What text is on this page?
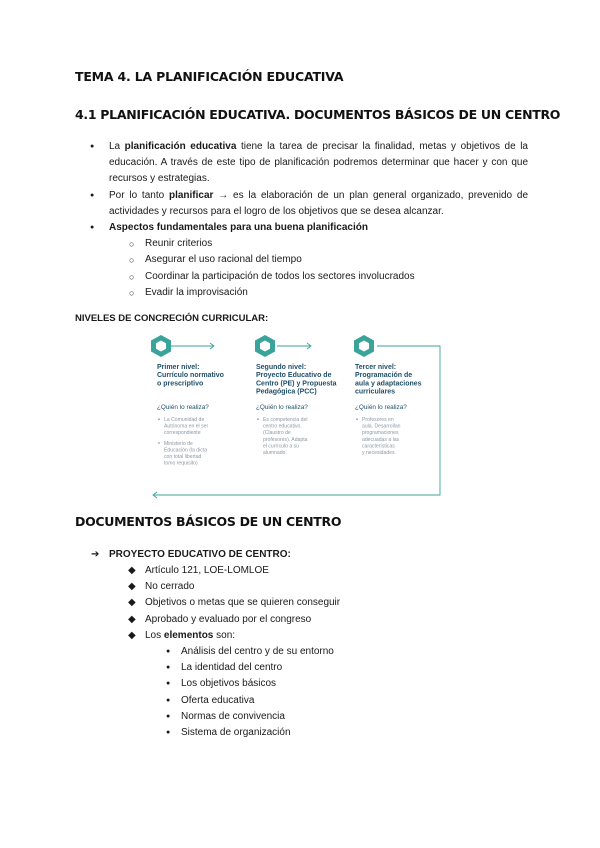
TEMA 4. LA PLANIFICACIÓN EDUCATIVA
4.1 PLANIFICACIÓN EDUCATIVA. DOCUMENTOS BÁSICOS DE UN CENTRO
● La planificación educativa tiene la tarea de precisar la finalidad, metas y objetivos de la educación. A través de este tipo de planificación podremos determinar que hacer y con que recursos y estrategias.
● Por lo tanto planificar → es la elaboración de un plan general organizado, prevenido de actividades y recursos para el logro de los objetivos que se desea alcanzar.
● Aspectos fundamentales para una buena planificación
○ Reunir criterios
○ Asegurar el uso racional del tiempo
○ Coordinar la participación de todos los sectores involucrados
○ Evadir la improvisación
NIVELES DE CONCRECIÓN CURRICULAR:
Primer nivel:
Currículo normativo
o prescriptivo
¿Quién lo realiza?
La Comunidad de
Autónoma en el ser
correspondiente
Ministerio de
Educación (la dicta
con total libertad
tomo requisito)
Segundo nivel:
Proyecto Educativo de
Centro (PE) y Propuesta
Pedagógica (PCC)
¿Quién lo realiza?
Es competencia del
centro educativo.
(Claustro de
profesores). Adapta
el currículo a su
alumnado.
Tercer nivel:
Programación de
aula y adaptaciones
curriculares
¿Quién lo realiza?
Profesores en
aula. Desarrollan
programaciones
adecuadas a las
características
y necesidades.
DOCUMENTOS BÁSICOS DE UN CENTRO
➔ PROYECTO EDUCATIVO DE CENTRO:
◆ Artículo 121, LOE-LOMLOE
◆ No cerrado
◆ Objetivos o metas que se quieren conseguir
◆ Aprobado y evaluado por el congreso
◆ Los elementos son:
● Análisis del centro y de su entorno
● La identidad del centro
● Los objetivos básicos
● Oferta educativa
● Normas de convivencia
● Sistema de organización
